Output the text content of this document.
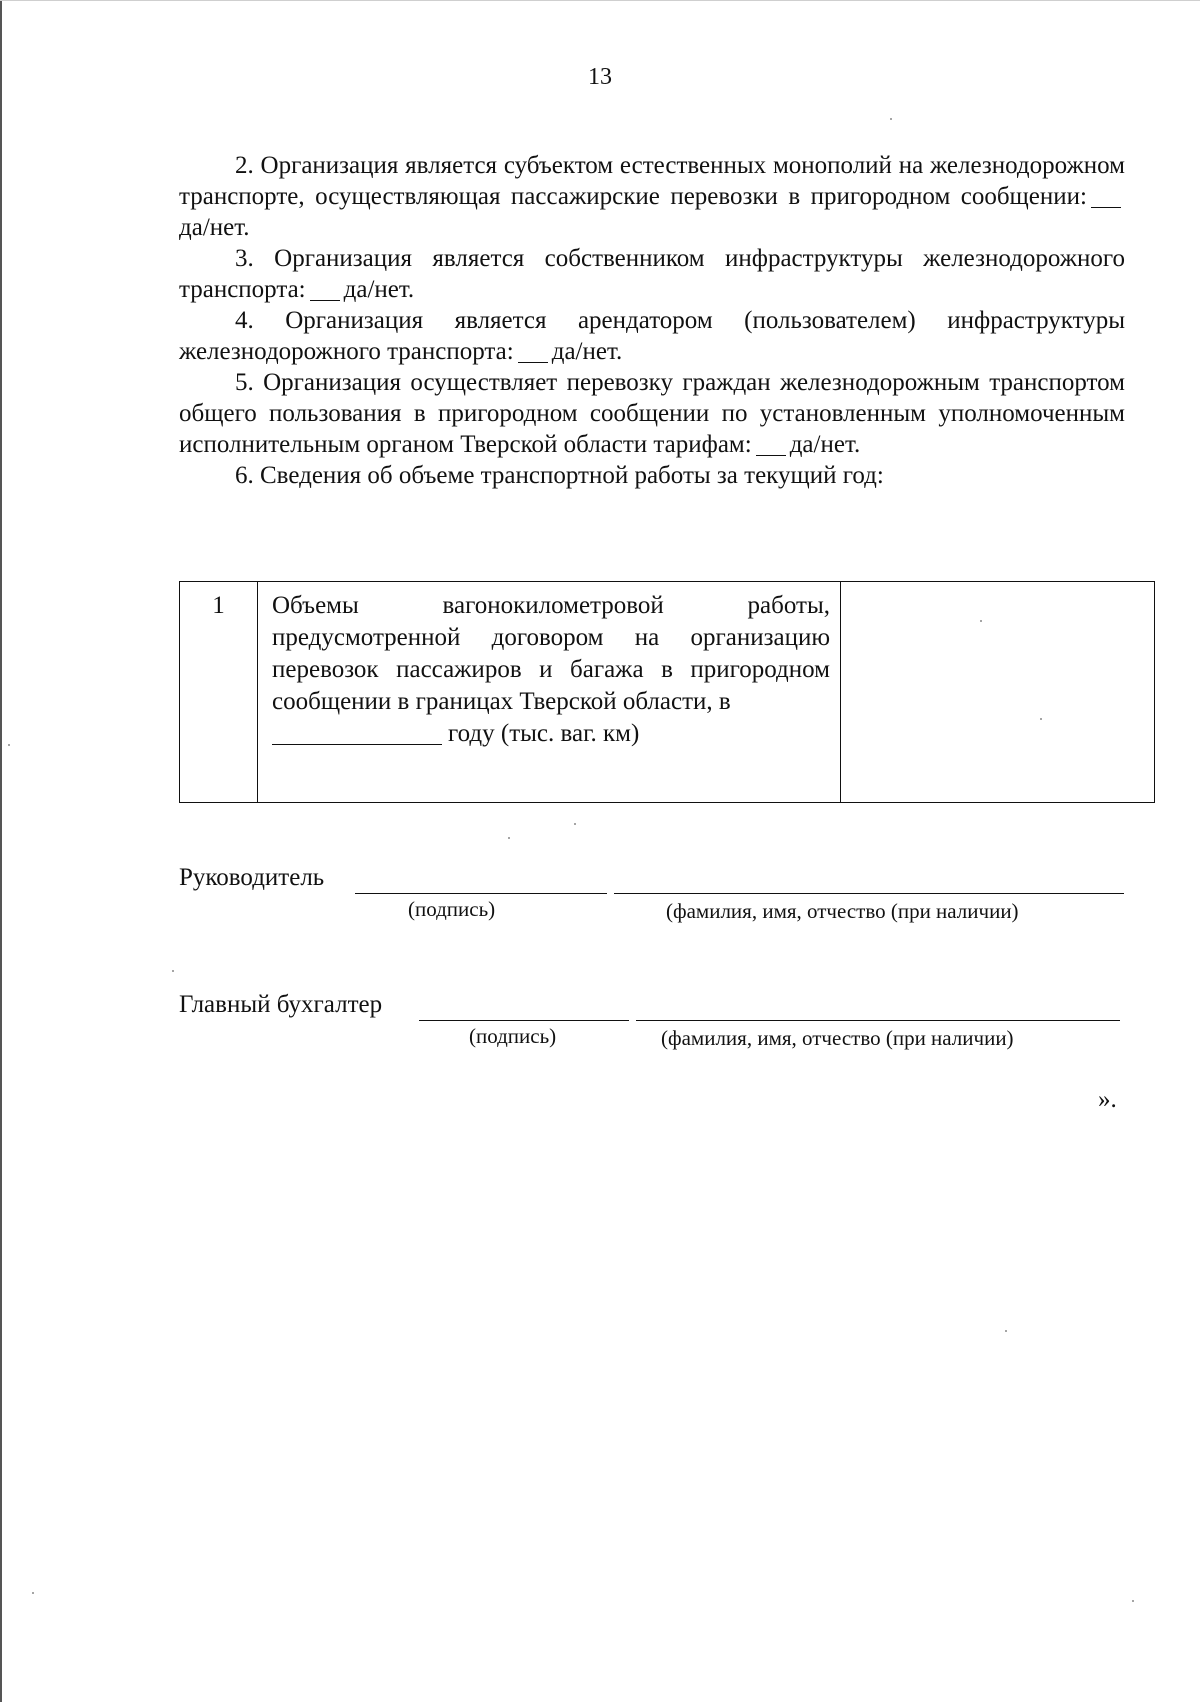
13

2. Организация является субъектом естественных монополий на железнодорожном транспорте, осуществляющая пассажирские перевозки в пригородном сообщении:да/нет.

3. Организация является собственником инфраструктуры железнодорожного транспорта: да/нет.

4. Организация является арендатором (пользователем) инфраструктуры железнодорожного транспорта: да/нет.

5. Организация осуществляет перевозку граждан железнодорожным транспортом общего пользования в пригородном сообщении по установленным уполномоченным исполнительным органом Тверской области тарифам: да/нет.

6. Сведения об объеме транспортной работы за текущий год:

1	Объемы вагонокилометровой работы, предусмотренной договором на организацию перевозок пассажиров и багажа в пригородном сообщении в границах Тверской области, в
году (тыс. ваг. км)	
Руководитель
(подпись)	(фамилия, имя, отчество (при наличии)
Главный бухгалтер
(подпись)	(фамилия, имя, отчество (при наличии)
».
